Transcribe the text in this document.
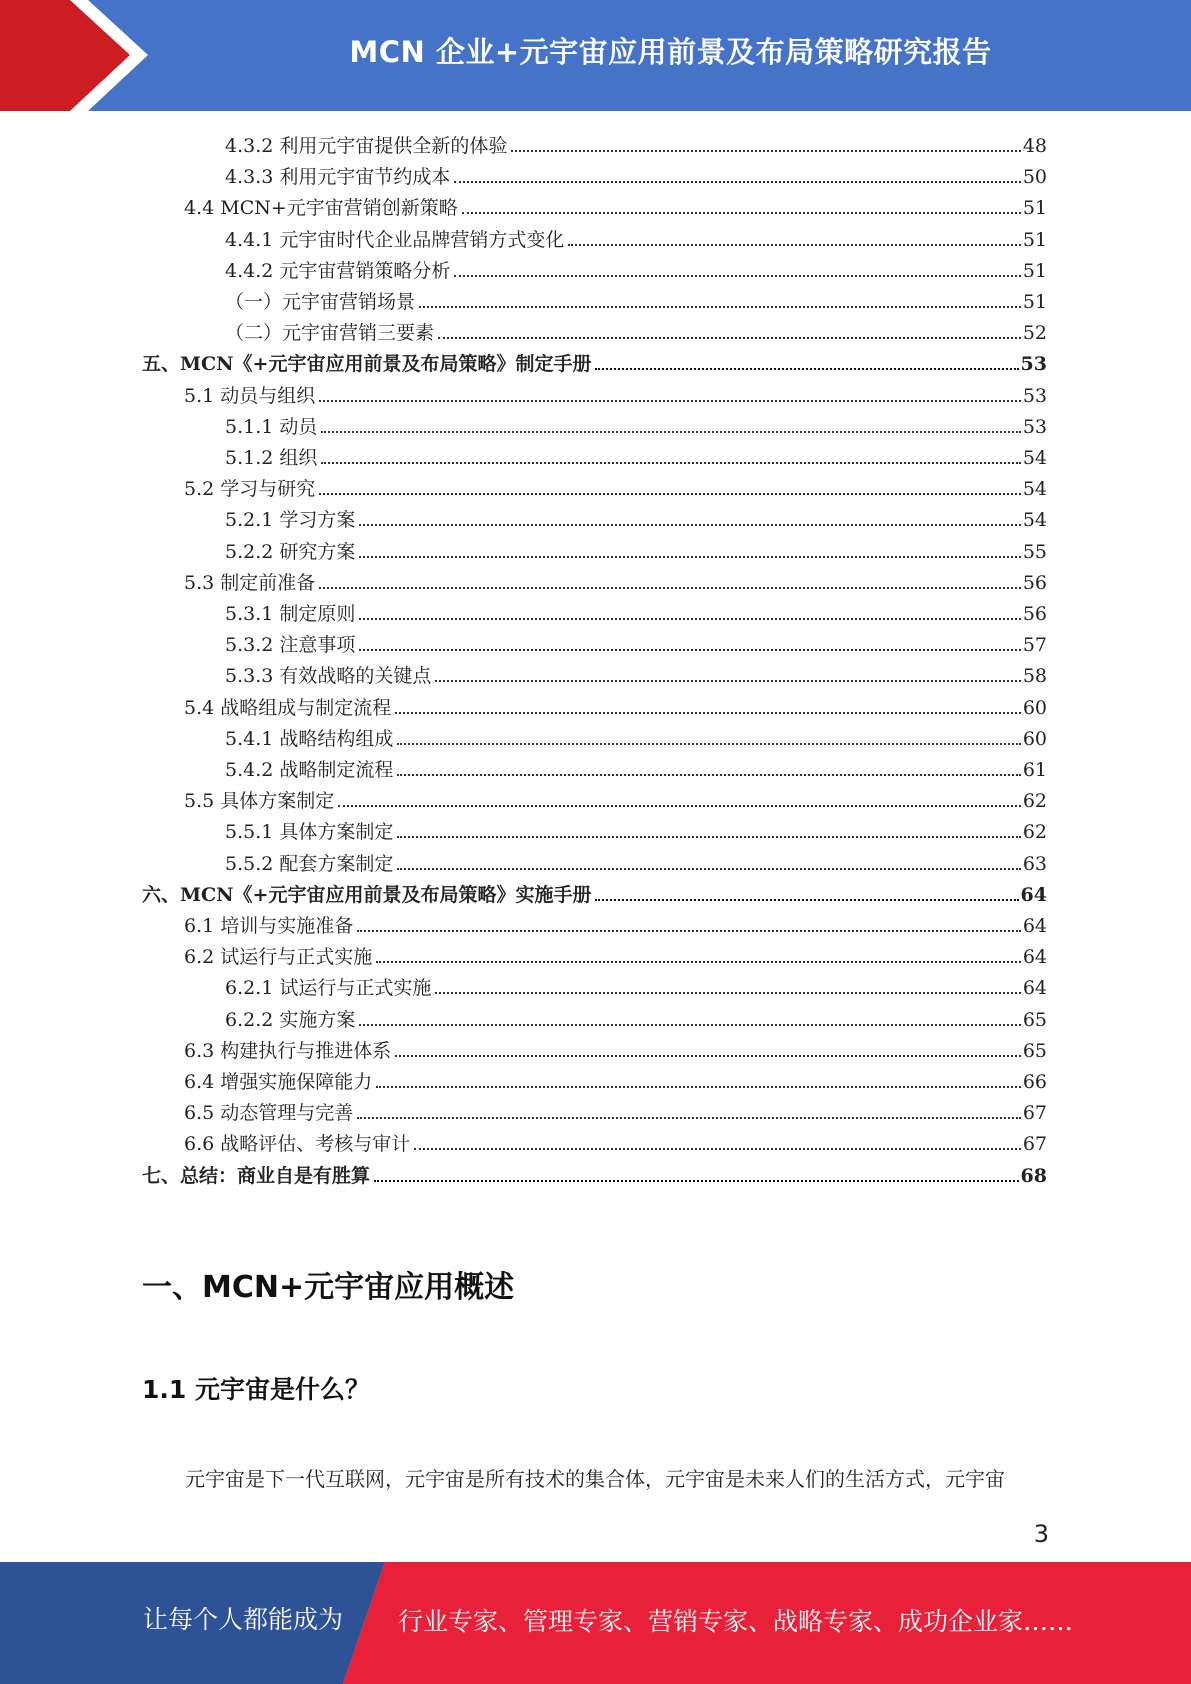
MCN 企业+元宇宙应用前景及布局策略研究报告
4.3.2 利用元宇宙提供全新的体验	48
4.3.3 利用元宇宙节约成本	50
4.4 MCN+元宇宙营销创新策略	51
4.4.1 元宇宙时代企业品牌营销方式变化	51
4.4.2 元宇宙营销策略分析	51
（一）元宇宙营销场景	51
（二）元宇宙营销三要素	52
五、MCN《+元宇宙应用前景及布局策略》制定手册	53
5.1 动员与组织	53
5.1.1 动员	53
5.1.2 组织	54
5.2 学习与研究	54
5.2.1 学习方案	54
5.2.2 研究方案	55
5.3 制定前准备	56
5.3.1 制定原则	56
5.3.2 注意事项	57
5.3.3 有效战略的关键点	58
5.4 战略组成与制定流程	60
5.4.1 战略结构组成	60
5.4.2 战略制定流程	61
5.5 具体方案制定	62
5.5.1 具体方案制定	62
5.5.2 配套方案制定	63
六、MCN《+元宇宙应用前景及布局策略》实施手册	64
6.1 培训与实施准备	64
6.2 试运行与正式实施	64
6.2.1 试运行与正式实施	64
6.2.2 实施方案	65
6.3 构建执行与推进体系	65
6.4 增强实施保障能力	66
6.5 动态管理与完善	67
6.6 战略评估、考核与审计	67
七、总结：商业自是有胜算	68
一、MCN+元宇宙应用概述
1.1 元宇宙是什么？
元宇宙是下一代互联网，元宇宙是所有技术的集合体，元宇宙是未来人们的生活方式，元宇宙
3
让每个人都能成为 行业专家、管理专家、营销专家、战略专家、成功企业家……
